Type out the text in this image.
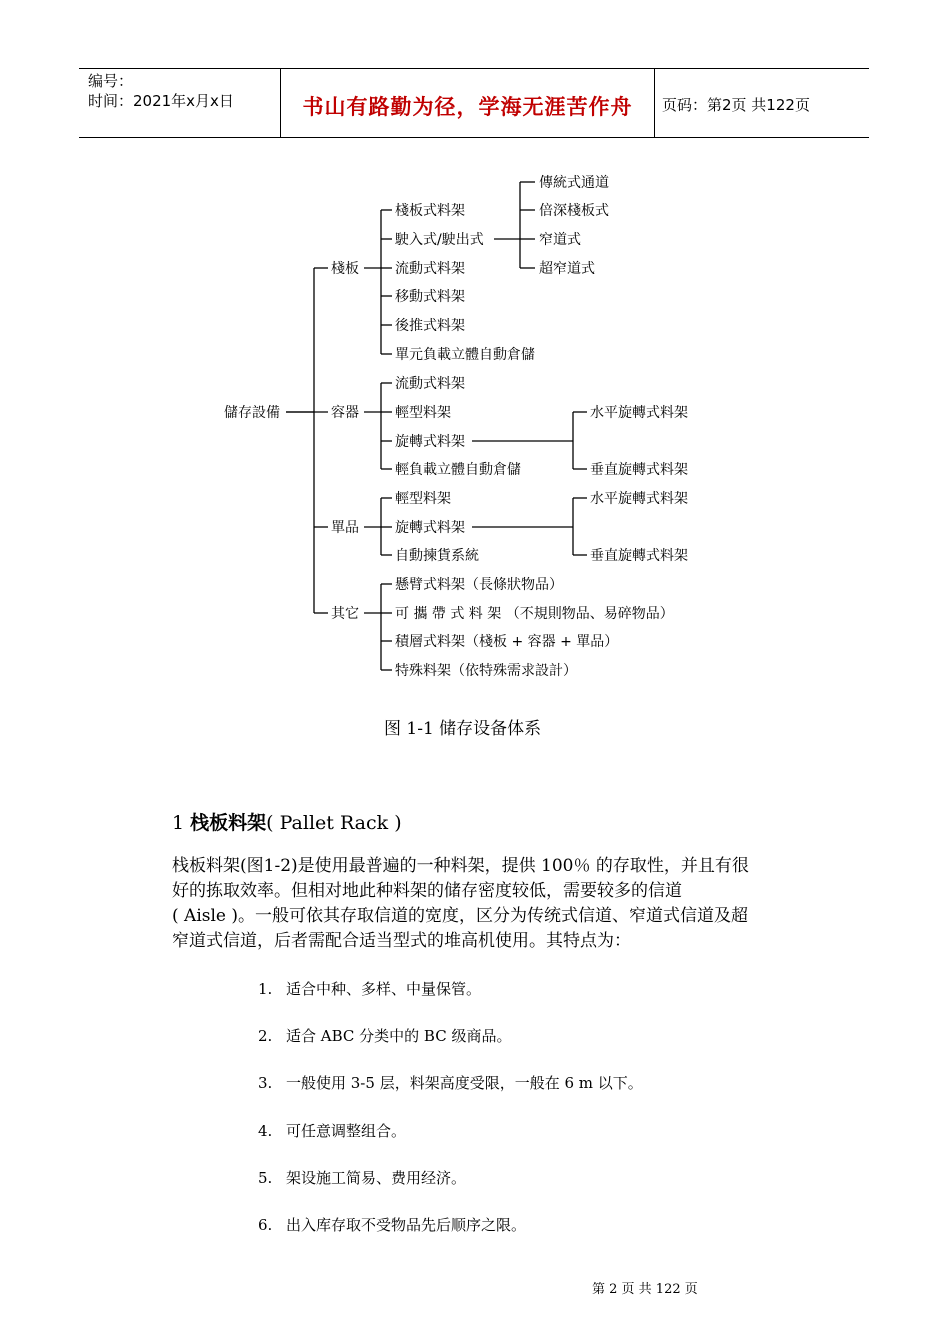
编号：
时间：2021年x月x日	书山有路勤为径，学海无涯苦作舟	页码：第2页 共122页
儲存設備
棧板
棧板式料架
駛入式/駛出式
流動式料架
移動式料架
後推式料架
單元負載立體自動倉儲
傳統式通道
倍深棧板式
窄道式
超窄道式
容器
流動式料架
輕型料架
旋轉式料架
輕負載立體自動倉儲
水平旋轉式料架
垂直旋轉式料架
單品
輕型料架
旋轉式料架
自動揀貨系統
水平旋轉式料架
垂直旋轉式料架
其它
懸臂式料架（長條狀物品）
可 攜 帶 式 料 架 （不規則物品、易碎物品）
積層式料架（棧板 + 容器 + 單品）
特殊料架（依特殊需求設計）
图 1-1 储存设备体系
1 栈板料架( Pallet Rack )

栈板料架(图1-2)是使用最普遍的一种料架，提供 100％ 的存取性，并且有很

好的拣取效率。但相对地此种料架的储存密度较低，需要较多的信道

( Aisle )。一般可依其存取信道的宽度，区分为传统式信道、窄道式信道及超

窄道式信道，后者需配合适当型式的堆高机使用。其特点为：

1. 适合中种、多样、中量保管。
2. 适合 ABC 分类中的 BC 级商品。
3. 一般使用 3-5 层，料架高度受限，一般在 6 m 以下。
4. 可任意调整组合。
5. 架设施工简易、费用经济。
6. 出入库存取不受物品先后顺序之限。
第 2 页 共 122 页
